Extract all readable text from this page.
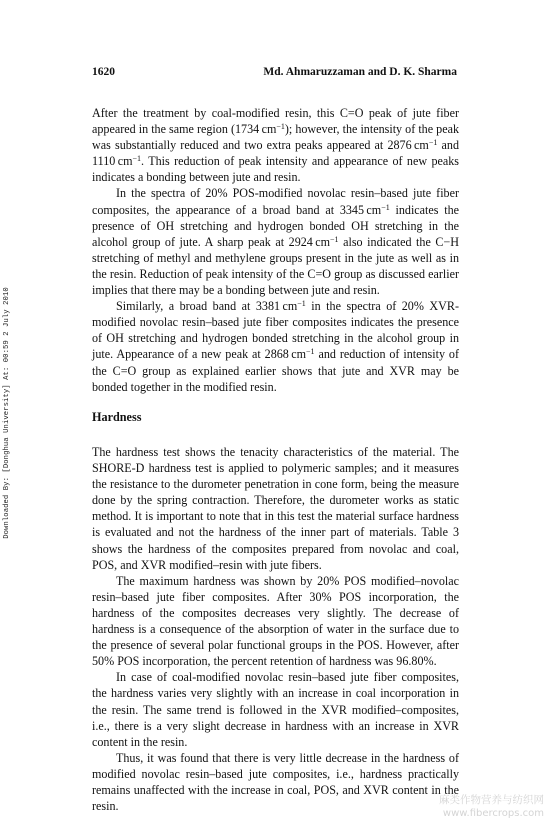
Downloaded By: [Donghua University] At: 00:59 2 July 2010
1620	Md. Ahmaruzzaman and D. K. Sharma

After the treatment by coal-modified resin, this C=O peak of jute fiber appeared in the same region (1734 $cm^{-1}$); however, the intensity of the peak was substantially reduced and two extra peaks appeared at 2876 $cm^{-1}$ and 1110 $cm^{-1}$. This reduction of peak intensity and appearance of new peaks indicates a bonding between jute and resin.

In the spectra of 20% POS-modified novolac resin–based jute fiber composites, the appearance of a broad band at 3345 $cm^{-1}$ indicates the presence of OH stretching and hydrogen bonded OH stretching in the alcohol group of jute. A sharp peak at 2924 $cm^{-1}$ also indicated the C−H stretching of methyl and methylene groups present in the jute as well as in the resin. Reduction of peak intensity of the C=O group as discussed earlier implies that there may be a bonding between jute and resin.

Similarly, a broad band at 3381 $cm^{-1}$ in the spectra of 20% XVR-modified novolac resin–based jute fiber composites indicates the presence of OH stretching and hydrogen bonded stretching in the alcohol group in jute. Appearance of a new peak at 2868 $cm^{-1}$ and reduction of intensity of the C=O group as explained earlier shows that jute and XVR may be bonded together in the modified resin.

Hardness

The hardness test shows the tenacity characteristics of the material. The SHORE-D hardness test is applied to polymeric samples; and it measures the resistance to the durometer penetration in cone form, being the measure done by the spring contraction. Therefore, the durometer works as static method. It is important to note that in this test the material surface hardness is evaluated and not the hardness of the inner part of materials. Table 3 shows the hardness of the composites prepared from novolac and coal, POS, and XVR modified–resin with jute fibers.

The maximum hardness was shown by 20% POS modified–novolac resin–based jute fiber composites. After 30% POS incorporation, the hardness of the composites decreases very slightly. The decrease of hardness is a consequence of the absorption of water in the surface due to the presence of several polar functional groups in the POS. However, after 50% POS incorporation, the percent retention of hardness was 96.80%.

In case of coal-modified novolac resin–based jute fiber composites, the hardness varies very slightly with an increase in coal incorporation in the resin. The same trend is followed in the XVR modified–composites, i.e., there is a very slight decrease in hardness with an increase in XVR content in the resin.

Thus, it was found that there is very little decrease in the hardness of modified novolac resin–based jute composites, i.e., hardness practically remains unaffected with the increase in coal, POS, and XVR content in the resin.	麻类作物营养与纺织网
www.fibercrops.com
